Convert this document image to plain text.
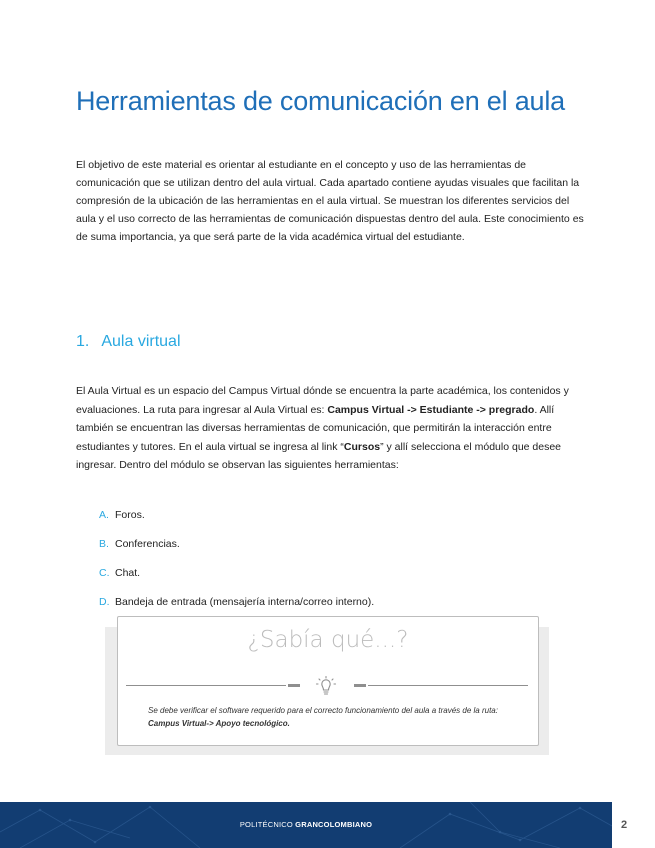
Herramientas de comunicación en el aula

El objetivo de este material es orientar al estudiante en el concepto y uso de las herramientas de comunicación que se utilizan dentro del aula virtual. Cada apartado contiene ayudas visuales que facilitan la compresión de la ubicación de las herramientas en el aula virtual. Se muestran los diferentes servicios del aula y el uso correcto de las herramientas de comunicación dispuestas dentro del aula. Este conocimiento es de suma importancia, ya que será parte de la vida académica virtual del estudiante.

1. Aula virtual

El Aula Virtual es un espacio del Campus Virtual dónde se encuentra la parte académica, los contenidos y evaluaciones. La ruta para ingresar al Aula Virtual es: Campus Virtual -> Estudiante -> pregrado. Allí también se encuentran las diversas herramientas de comunicación, que permitirán la interacción entre estudiantes y tutores. En el aula virtual se ingresa al link “Cursos” y allí selecciona el módulo que desee ingresar. Dentro del módulo se observan las siguientes herramientas:

A. Foros.
B. Conferencias.
C. Chat.
D. Bandeja de entrada (mensajería interna/correo interno).
¿Sabía qué...?

Se debe verificar el software requerido para el correcto funcionamiento del aula a través de la ruta: Campus Virtual-> Apoyo tecnológico.

POLITÉCNICO GRANCOLOMBIANO	2
